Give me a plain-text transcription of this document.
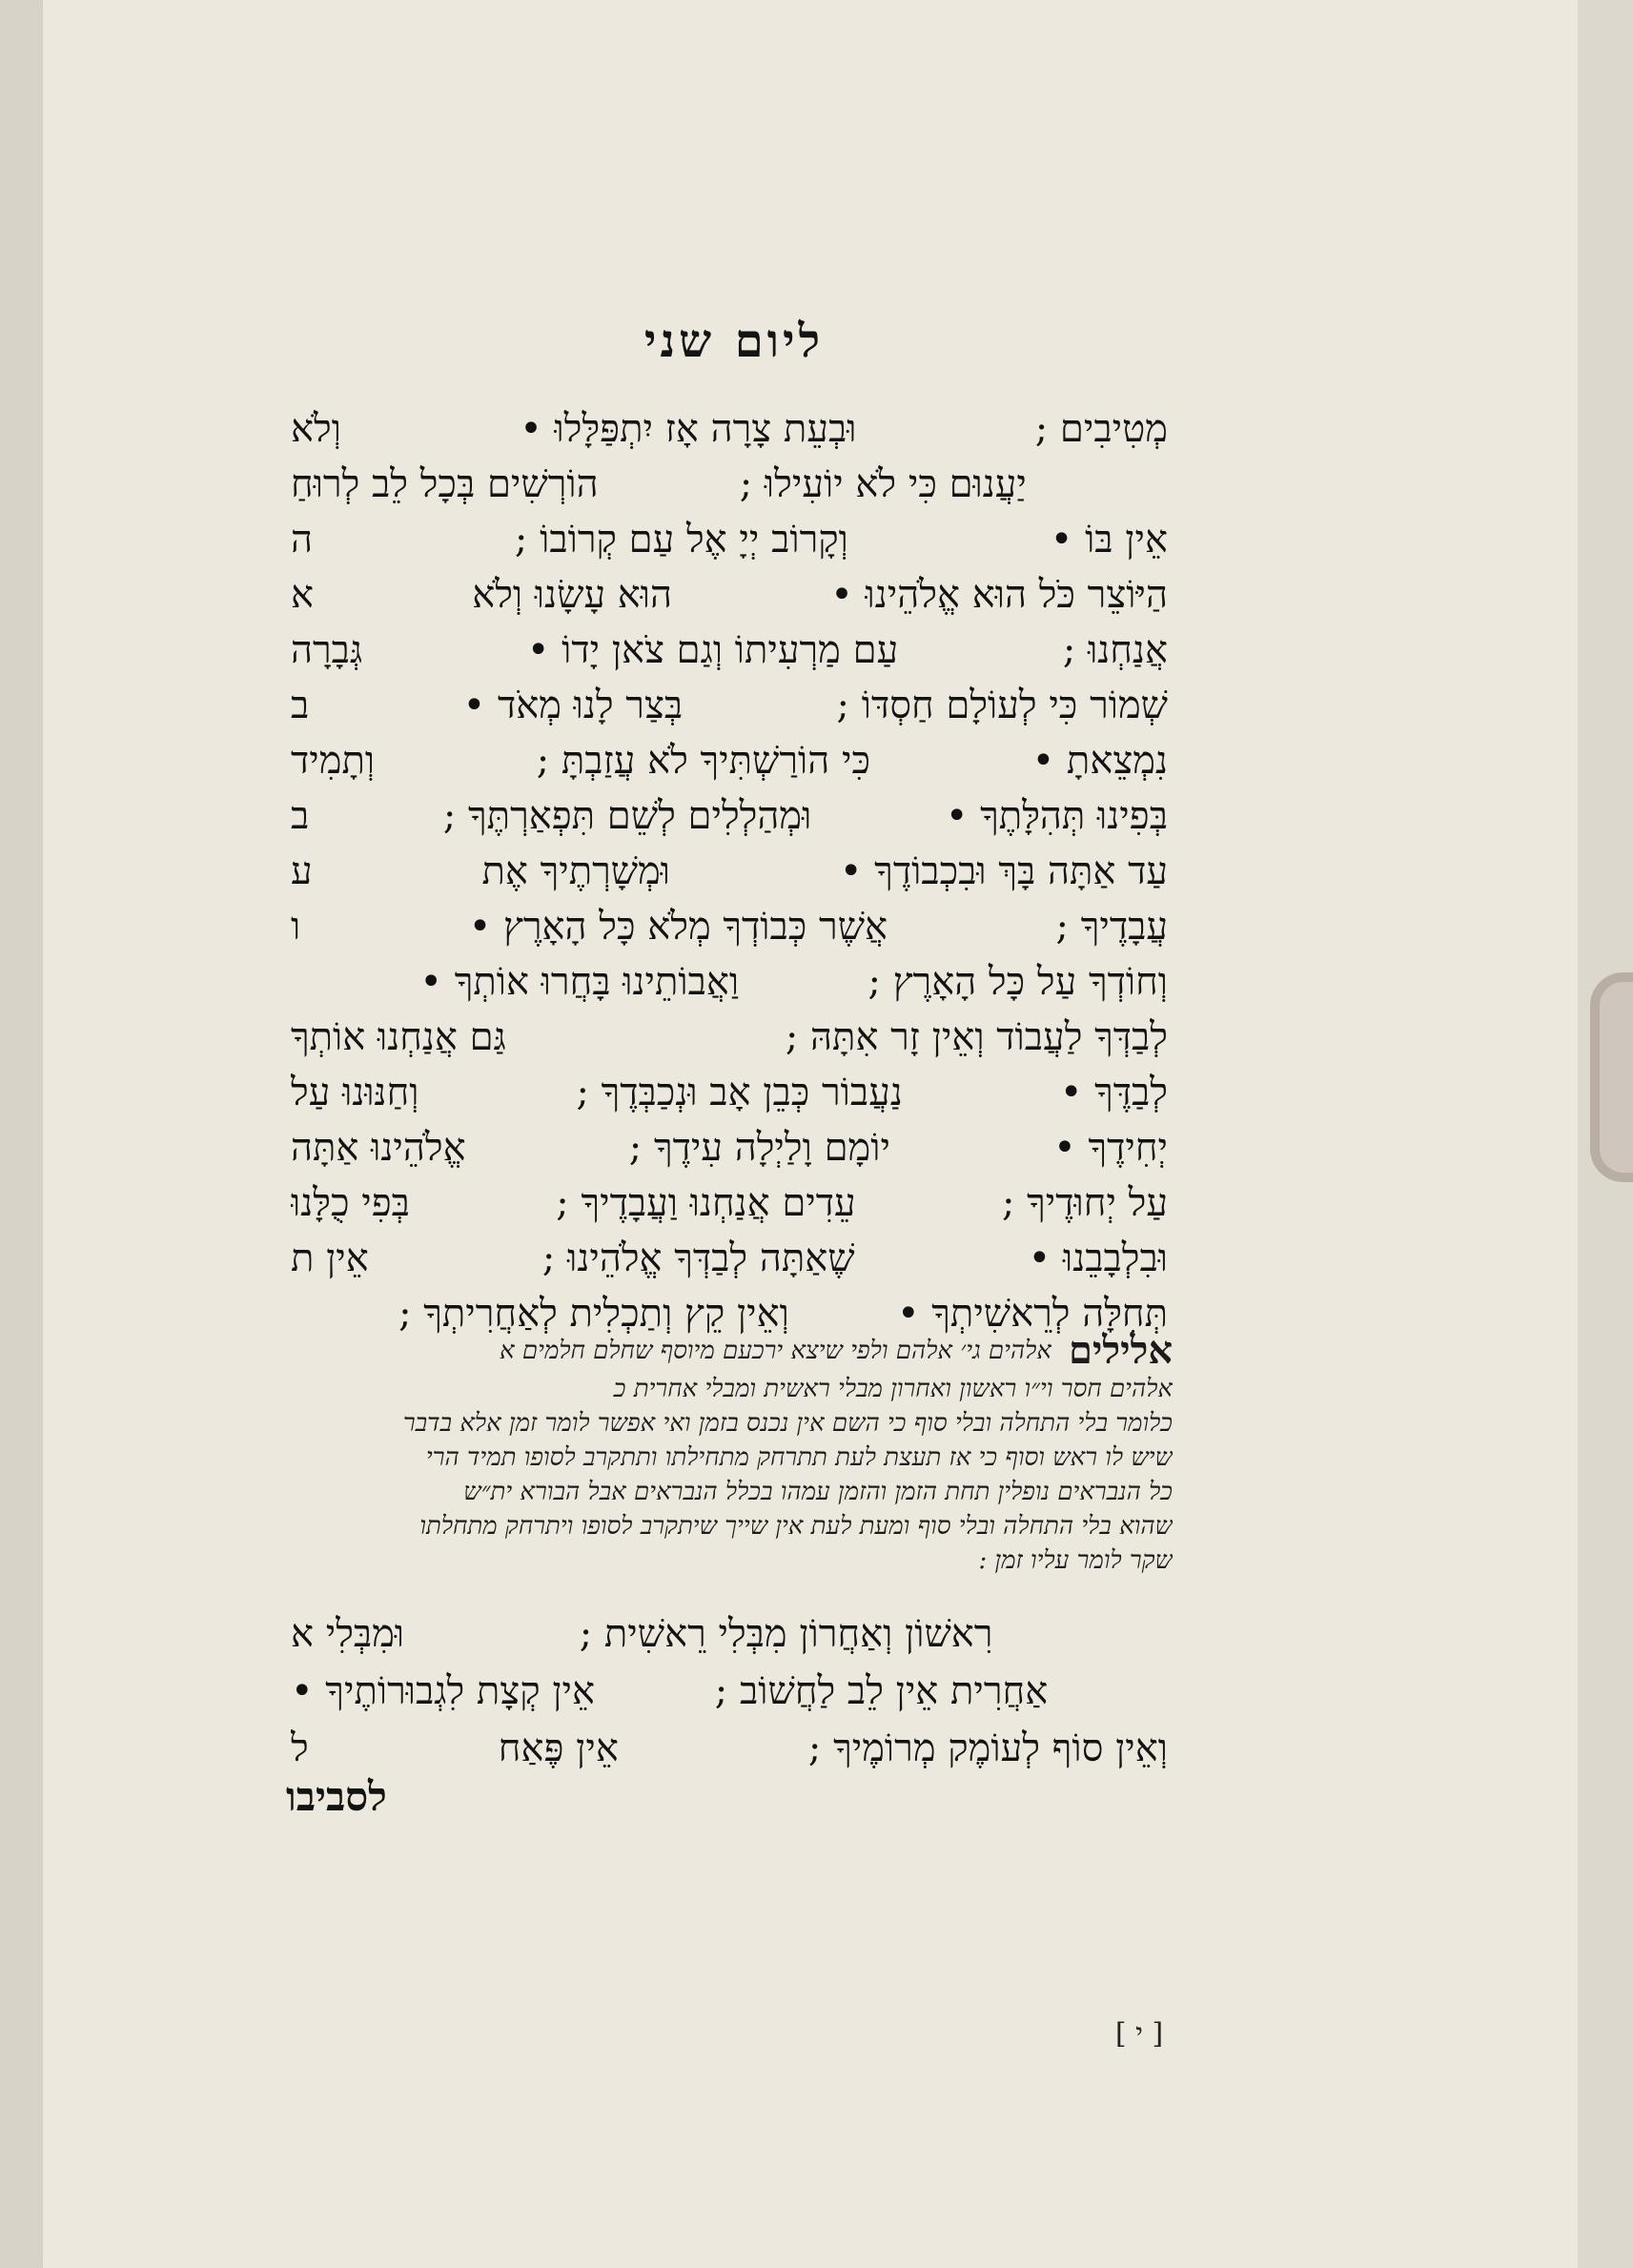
ליום שני
מְטִיבִים ;
וּבְעֵת צָרָה אָז יִתְפַּלָּלוּ •
וְלֹא
יַעֲנוּם כִּי לֹא יוֹעִילוּ ;
הוֹרְשִׁים בְּכָל לֵב לְרוּחַ
אֵין בּוֹ •
וְקָרוֹב יְיָ אֶל עַם קְרוֹבוֹ ;
ה
הַיּוֹצֵר כֹּל הוּא אֱלֹהֵינוּ •
הוּא עָשָׂנוּ וְלֹא
א
אֲנַחְנוּ ;
עַם מַרְעִיתוֹ וְגַם צֹאן יָדוֹ •
גְּבָרָה
שְׁמוֹר כִּי לְעוֹלָם חַסְדּוֹ ;
בְּצַר לָנוּ מְאֹד •
ב
נִמְצֵאתָ •
כִּי הוֹרַשְׁתִּיךָ לֹא עֲזַבְתָּ ;
וְתָמִיד
בְּפִינוּ תְּהִלָּתֶךָ •
וּמְהַלְלִים לְשֵׁם תִּפְאַרְתֶּךָ ;
ב
עַד אַתָּה בָּךְ וּבִכְבוֹדֶךָ •
וּמְשָׁרְתֶיךָ אֶת
ע
עֲבָדֶיךָ ;
אֲשֶׁר כְּבוֹדְךָ מְלֹא כָּל הָאָרֶץ •
ו
וְחוֹדְךָ עַל כָּל הָאָרֶץ ;
וַאֲבוֹתֵינוּ בָּחֲרוּ אוֹתְךָ •
לְבַדְּךָ לַעֲבוֹד וְאֵין זָר אִתָּהּ ;
גַּם אֲנַחְנוּ אוֹתְךָ
לְבַדֶּךָ •
נַעֲבוֹר כְּבֵן אָב וּנְכַבְּדֶךָ ;
וְחַנּוּנוּ עַל
יְחִידֶךָ •
יוֹמָם וָלַיְלָה עִידֶךָ ;
אֱלֹהֵינוּ אַתָּה
עַל יְחוּדֶיךָ ;
עֵדִים אֲנַחְנוּ וַעֲבָדֶיךָ ;
בְּפִי כֻלָּנוּ
וּבִלְבָבֵנוּ •
שֶׁאַתָּה לְבַדְּךָ אֱלֹהֵינוּ ;
אֵין ת
תְּחִלָּה לְרֵאשִׁיתְךָ •
וְאֵין קֵץ וְתַכְלִית לְאַחֲרִיתְךָ ;
אלילים
אלהים גי׳ אלהם ולפי שיצא ירכעם מיוסף שחלם חלמים א
אלהים חסר וי״ו ראשון ואחרון מבלי ראשית ומבלי אחרית כ
כלומר בלי התחלה ובלי סוף כי השם אין נכנס בזמן ואי אפשר לומר זמן אלא בדבר
שיש לו ראש וסוף כי אז תעצת לעת תתרחק מתחילתו ותתקרב לסופו תמיד הרי
כל הנבראים נופלין תחת הזמן והזמן עמהו בכלל הנבראים אבל הבורא ית״ש
שהוא בלי התחלה ובלי סוף ומעת לעת אין שייך שיתקרב לסופו ויתרחק מתחלתו
שקר לומר עליו זמן :
רִאשׁוֹן וְאַחֲרוֹן מִבְּלִי רֵאשִׁית ;
וּמִבְּלִי א
אַחֲרִית אֵין לֵב לַחֲשׁוֹב ;
אֵין קְצָת לִגְבוּרוֹתֶיךָ •
וְאֵין סוֹף לְעוֹמֶק מְרוֹמֶיךָ ;
אֵין פֶּאַח
ל
לסביבו
[ י ]
